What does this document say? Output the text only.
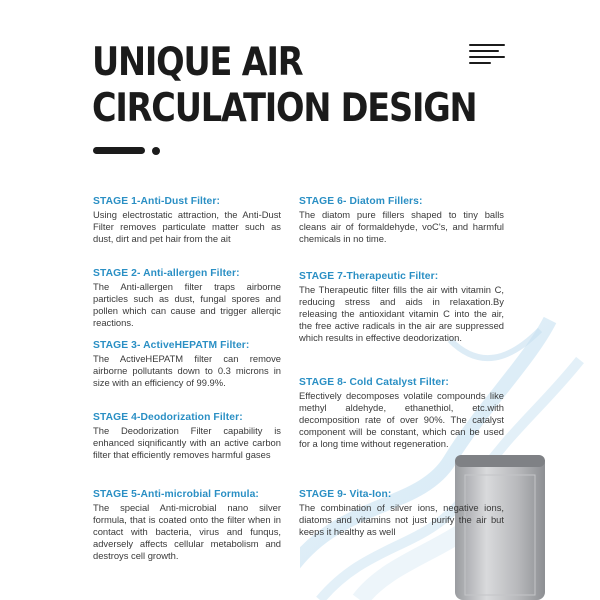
UNIQUE AIR
CIRCULATION DESIGN
STAGE 1-Anti-Dust Filter:

Using electrostatic attraction, the Anti-Dust Filter removes particulate matter such as dust, dirt and pet hair from the ait

STAGE 2- Anti-allergen Filter:

The Anti-allergen filter traps airborne particles such as dust, fungal spores and pollen which can cause and trigger allerqic reactions.

STAGE 3- ActiveHEPATM Filter:

The ActiveHEPATM filter can remove airborne pollutants down to 0.3 microns in size with an efficiency of 99.9%.

STAGE 4-Deodorization Filter:

The Deodorization Filter capability is enhanced siqnificantly with an active carbon filter that efficiently removes harmful gases

STAGE 5-Anti-microbial Formula:

The special Anti-microbial nano silver formula, that is coated onto the filter when in contact with bacteria, virus and funqus, adversely affects cellular metabolism and destroys cell growth.

STAGE 6- Diatom Fillers:

The diatom pure fillers shaped to tiny balls cleans air of formaldehyde, voC's, and harmful chemicals in no time.

STAGE 7-Therapeutic Filter:

The Therapeutic filter fills the air with vitamin C, reducing stress and aids in relaxation.By releasing the antioxidant vitamin C into the air, the free active radicals in the air are suppressed which results in effective deodorization.

STAGE 8- Cold Catalyst Filter:

Effectively decomposes volatile compounds like methyl aldehyde, ethanethiol, etc.with decomposition rate of over 90%. The catalyst component will be constant, which can be used for a long time without regeneration.

STAGE 9- Vita-Ion:

The combination of silver ions, negative ions, diatoms and vitamins not just purify the air but keeps it healthy as well
